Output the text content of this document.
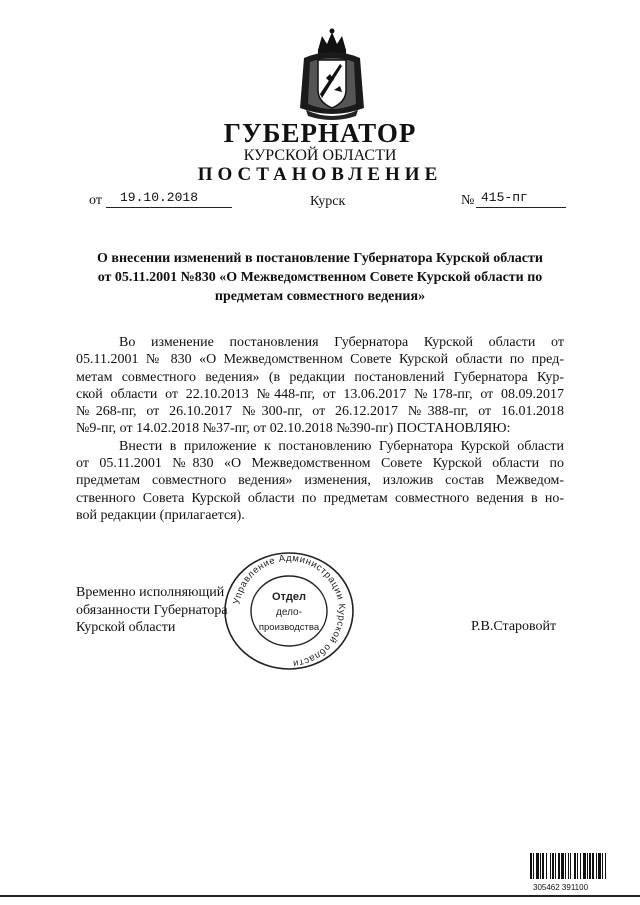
ГУБЕРНАТОР
КУРСКОЙ ОБЛАСТИ
ПОСТАНОВЛЕНИЕ
от 19.10.2018	Курск	№ 415-пг
О внесении изменений в постановление Губернатора Курской области
от 05.11.2001 №830 «О Межведомственном Совете Курской области по
предметам совместного ведения»
Во изменение постановления Губернатора Курской области от
05.11.2001 № 830 «О Межведомственном Совете Курской области по пред-
метам совместного ведения» (в редакции постановлений Губернатора Кур-
ской области от 22.10.2013 №448-пг, от 13.06.2017 №178-пг, от 08.09.2017
№268-пг, от 26.10.2017 №300-пг, от 26.12.2017 №388-пг, от 16.01.2018
№9-пг, от 14.02.2018 №37-пг, от 02.10.2018 №390-пг) ПОСТАНОВЛЯЮ:
Внести в приложение к постановлению Губернатора Курской области
от 05.11.2001 №830 «О Межведомственном Совете Курской области по
предметам совместного ведения» изменения, изложив состав Межведом-
ственного Совета Курской области по предметам совместного ведения в но-
вой редакции (прилагается).
Временно исполняющий
обязанности Губернатора
Курской области	Р.В.Старовойт
Управление Администрации Курской области
Отдел
дело-
производства
305462 391100
